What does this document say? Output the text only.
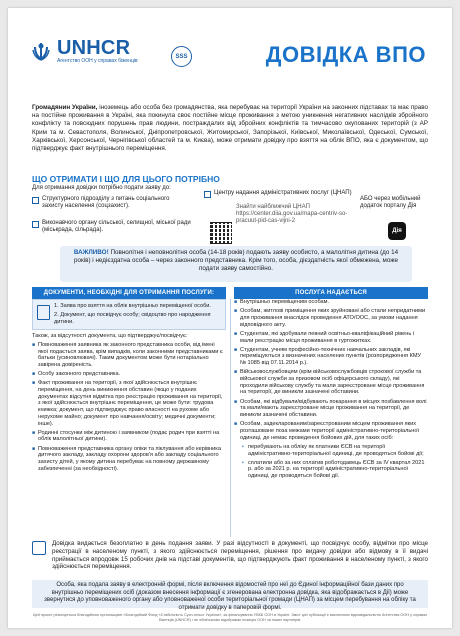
UNHCR
Агентство ООН у справах біженців
SSS	ДОВІДКА ВПО
Громадянин України, іноземець або особа без громадянства, яка перебуває на території України на законних підставах та має право на постійне проживання в Україні, яка покинула своє постійне місце проживання з метою уникнення негативних наслідків збройного конфлікту та повсюдних порушень прав людини, постраждалих від збройних конфліктів та тимчасово окупованих територій (з АР Крим та м. Севастополя, Волинської, Дніпропетровської, Житомирської, Запорізької, Київської, Миколаївської, Одеської, Сумської, Харківської, Херсонської, Чернігівської областей та м. Києва), може отримати довідку про взяття на облік ВПО, яка є документом, що підтверджує факт внутрішнього переміщення.
ЩО ОТРИМАТИ І ЩО ДЛЯ ЦЬОГО ПОТРІБНО
Для отримання довідки потрібно подати заяву до:
Структурного підрозділу з питань соціального захисту населення (соцзахист).
Виконавчого органу сільської, селищної, міської ради (міськрада, сільрада).
Центру надання адміністративних послуг (ЦНАП)
Знайти найближчий ЦНАП https://center.diia.gov.ua/mapa-centriv-so-pracuut-pid-cas-vijni-2
АБО через мобільний додаток порталу Дія
Дія
ВАЖЛИВО! Повнолітня і неповнолітня особа (14-18 років) подають заяву особисто, а малолітня дитина (до 14 років) і недієздатна особа – через законного представника. Крім того, особа, дієздатність якої обмежена, може подати заяву самостійно.
ДОКУМЕНТИ, НЕОБХІДНІ ДЛЯ ОТРИМАННЯ ПОСЛУГИ:	ПОСЛУГА НАДАЄТЬСЯ

1. Заява про взяття на облік внутрішньо переміщеної особи.

2. Документ, що посвідчує особу; свідоцтво про народження дитини.

Також, за відсутності документа, що підтверджує/посвідчує:

■ Повноваження заявника як законного представника особи, від імені якої подається заява, крім випадків, коли законними представниками є батьки (усиновлювачі). Таким документом може бути нотаріально завірена довіреність.

■ Особу законного представника.

■ Факт проживання на території, з якої здійснюється внутрішнє переміщення, на день виникнення обставин (якщо у поданих документах відсутня відмітка про реєстрацію проживання на території, з якої здійснюється внутрішнє переміщення, це може бути: трудова книжка; документ, що підтверджує право власності на рухоме або нерухоме майно; документ про навчання/освіту; медичні документи; інше).

■ Родинні стосунки між дитиною і заявником (подає родич при взятті на облік малолітньої дитини).

■ Повноваження представника органу опіки та піклування або керівника дитячого закладу, закладу охорони здоров'я або закладу соціального захисту дітей, у якому дитина перебуває на повному державному забезпеченні (за необхідності).

■ Внутрішньо переміщеним особам.

■ Особам, житлові приміщення яких зруйновані або стали непридатними для проживання внаслідок проведення АТО/ООС, за умови надання відповідного акту.

■ Студентам, які здобували певний освітньо-кваліфікаційний рівень і мали реєстрацію місця проживання в гуртожитках.

■ Студентам, учням професійно-технічних навчальних закладів, які переміщуються з визначених населених пунктів (розпорядження КМУ № 1085 від 07.11.2014 р.).

■ Військовослужбовцям (крім військовослужбовців строкової служби та військової служби за призовом осіб офіцерського складу), які проходили військову службу та мали зареєстроване місце проживання на території, де виникли зазначені обставини.

■ Особам, які відбували/відбувають покарання в місцях позбавлення волі та мали/мають зареєстроване місце проживання на території, де виникли зазначені обставини.

■ Особам, задекларованим/зареєстрованим місцем проживання яких розташоване поза межами території адміністративно-територіальної одиниці, де немає проведення бойових дій, для таких осіб:

• перебувають на обліку як платники ЄСВ на території адміністративно-територіальної одиниці, де проводяться бойові дії;

• сплатили або за них сплатив роботодавець ЄСВ за IV квартал 2021 р. або за 2021 р. на території адміністративно-територіальної одиниці, де проводяться бойові дії.

Довідка видається безоплатно в день подання заяви. У разі відсутності в документі, що посвідчує особу, відмітки про місце реєстрації в населеному пункті, з якого здійснюється переміщення, рішення про видачу довідки або відмову в її видачі приймається впродовж 15 робочих днів на підставі документів, що підтверджують факт проживання в населеному пункті, з якого здійснюється переміщення.
Особа, яка подала заяву в електронній формі, після включення відомостей про неї до Єдиної інформаційної бази даних про внутрішньо переміщених осіб (доказом внесення інформації є згенерована електронна довідка, яка відображається в Дії) може звернутися до уповноваженого органу або уповноваженої особи територіальної громади (ЦНАП) за місцем перебування на обліку та отримати довідку в паперовій формі.
Цей проєкт реалізується благодійною організацією «Благодійний Фонд «Стабільність Сусп-пільст України», за фінансування УВКБ ООН в Україні. Зміст цієї публікації є виключною відповідальністю Агентства ООН у справах біженців (UNHCR) і не обов'язково відображає позицію ООН чи інших партнерів.
